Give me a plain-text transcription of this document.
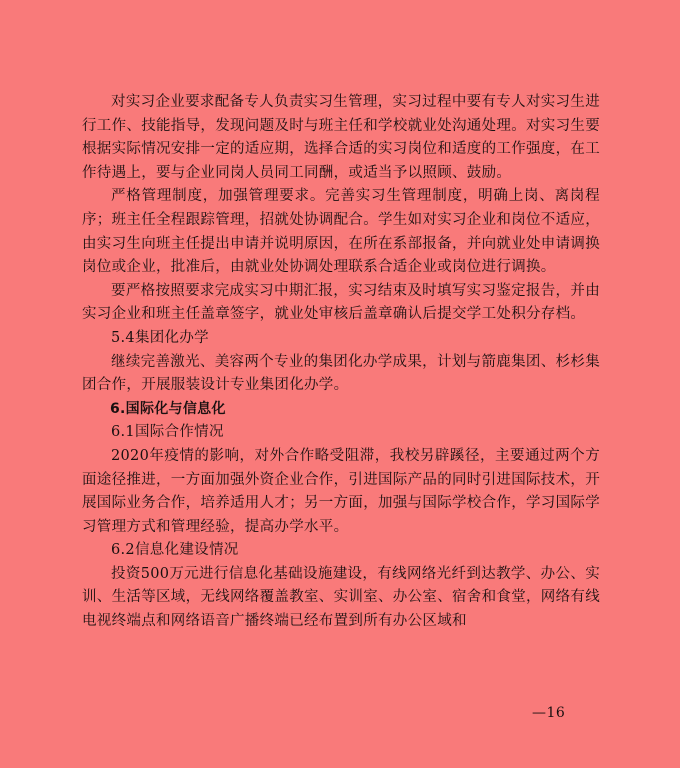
对实习企业要求配备专人负责实习生管理，实习过程中要有专人对实习生进行工作、技能指导，发现问题及时与班主任和学校就业处沟通处理。对实习生要根据实际情况安排一定的适应期，选择合适的实习岗位和适度的工作强度，在工作待遇上，要与企业同岗人员同工同酬，或适当予以照顾、鼓励。

严格管理制度，加强管理要求。完善实习生管理制度，明确上岗、离岗程序；班主任全程跟踪管理，招就处协调配合。学生如对实习企业和岗位不适应，由实习生向班主任提出申请并说明原因，在所在系部报备，并向就业处申请调换岗位或企业，批准后，由就业处协调处理联系合适企业或岗位进行调换。

要严格按照要求完成实习中期汇报，实习结束及时填写实习鉴定报告，并由实习企业和班主任盖章签字，就业处审核后盖章确认后提交学工处积分存档。

5.4集团化办学

继续完善激光、美容两个专业的集团化办学成果，计划与箭鹿集团、杉杉集团合作，开展服装设计专业集团化办学。

6.国际化与信息化

6.1国际合作情况

2020年疫情的影响，对外合作略受阻滞，我校另辟蹊径，主要通过两个方面途径推进，一方面加强外资企业合作，引进国际产品的同时引进国际技术，开展国际业务合作，培养适用人才；另一方面，加强与国际学校合作，学习国际学习管理方式和管理经验，提高办学水平。

6.2信息化建设情况

投资500万元进行信息化基础设施建设，有线网络光纤到达教学、办公、实训、生活等区域，无线网络覆盖教室、实训室、办公室、宿舍和食堂，网络有线电视终端点和网络语音广播终端已经布置到所有办公区域和

—16
